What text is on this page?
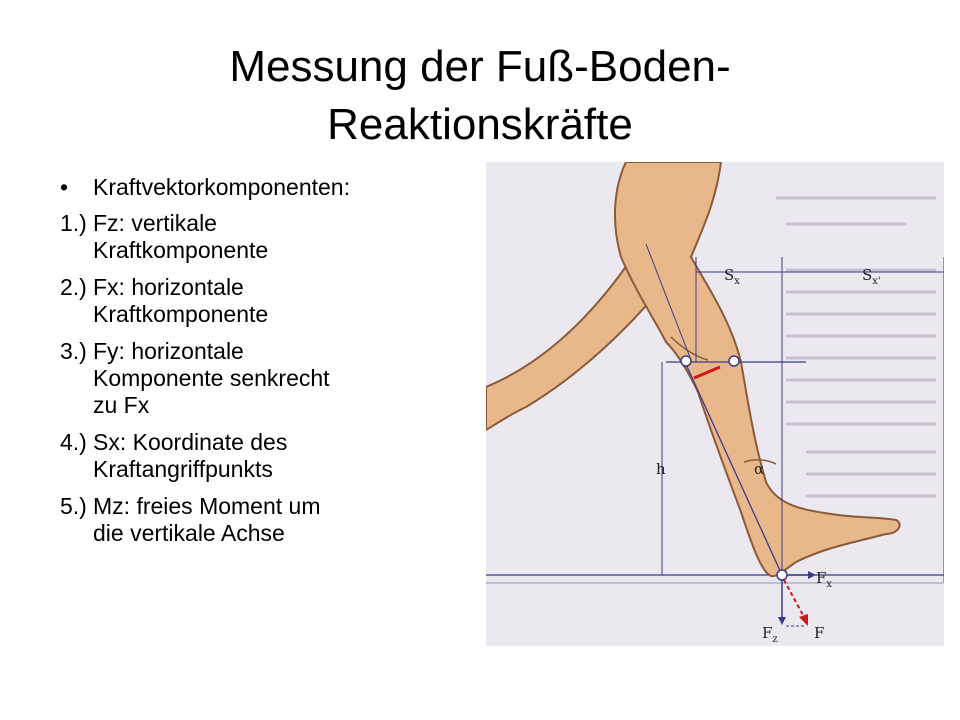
Messung der Fuß-Boden-
Reaktionskräfte
• Kraftvektorkomponenten:
1.) Fz: vertikale
Kraftkomponente
2.) Fx: horizontale
Kraftkomponente
3.) Fy: horizontale
Komponente senkrecht
zu Fx
4.) Sx: Koordinate des
Kraftangriffpunkts
5.) Mz: freies Moment um
die vertikale Achse
$S_x$	$S_{x'}$
h	α
$F_x$
$F_z$ F
